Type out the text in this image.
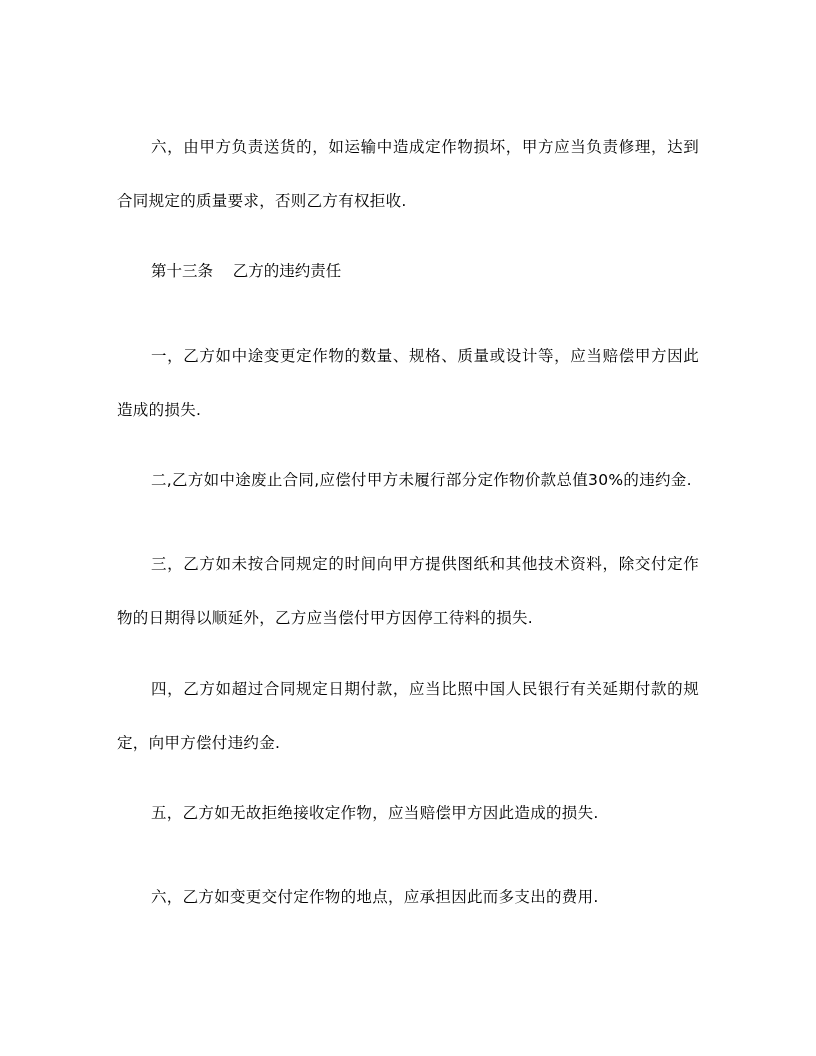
六，由甲方负责送货的，如运输中造成定作物损坏，甲方应当负责修理，达到合同规定的质量要求，否则乙方有权拒收.

第十三条    乙方的违约责任

一，乙方如中途变更定作物的数量、规格、质量或设计等，应当赔偿甲方因此造成的损失.

二,乙方如中途废止合同,应偿付甲方未履行部分定作物价款总值30%的违约金.

三，乙方如未按合同规定的时间向甲方提供图纸和其他技术资料，除交付定作物的日期得以顺延外，乙方应当偿付甲方因停工待料的损失.

四，乙方如超过合同规定日期付款，应当比照中国人民银行有关延期付款的规定，向甲方偿付违约金.

五，乙方如无故拒绝接收定作物，应当赔偿甲方因此造成的损失.

六，乙方如变更交付定作物的地点，应承担因此而多支出的费用.
